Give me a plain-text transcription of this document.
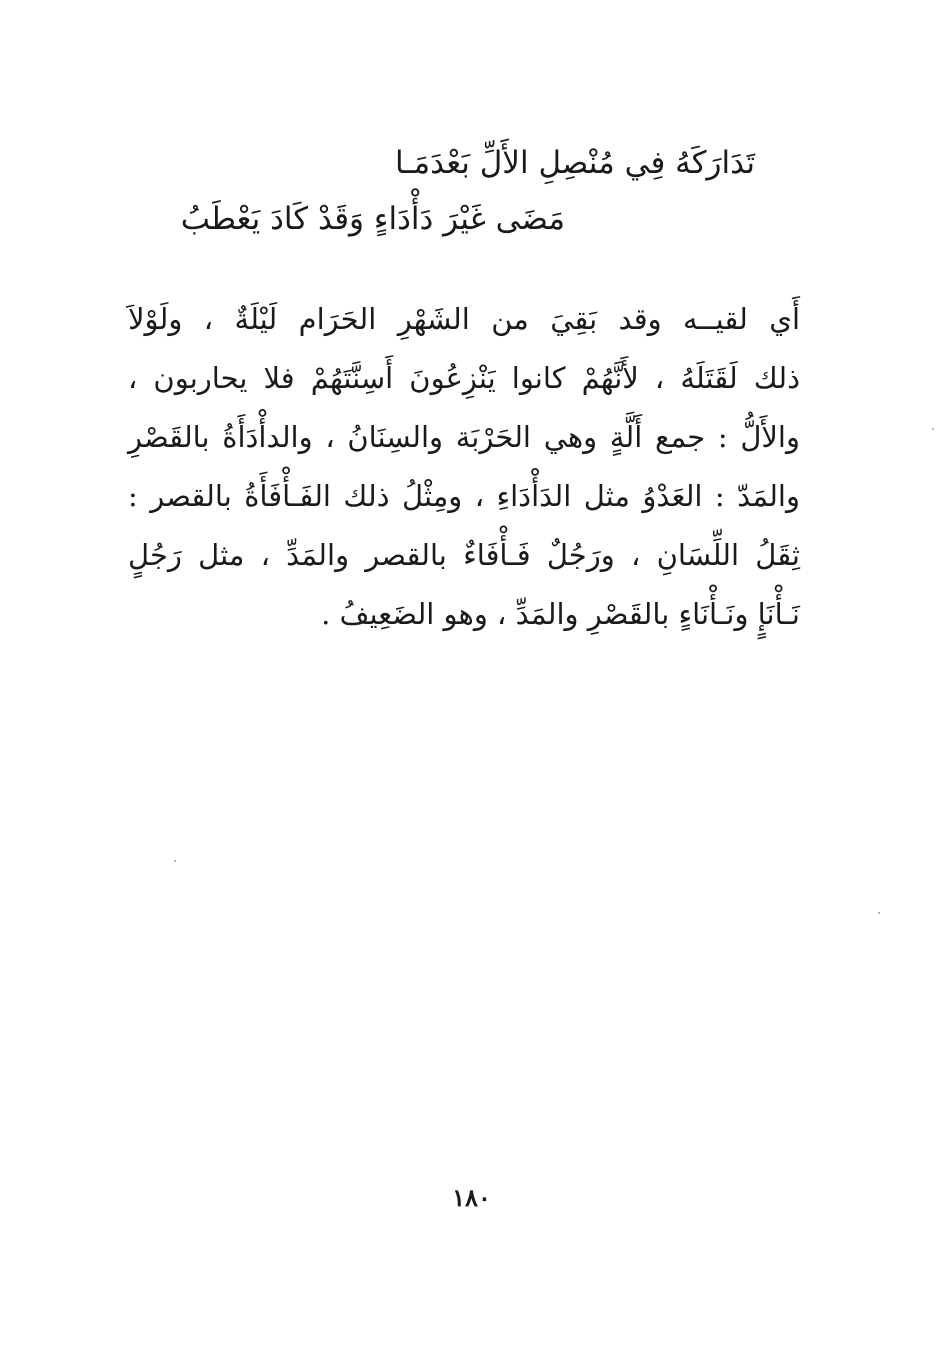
تَدَارَكَهُ فِي مُنْصِلِ الأَلِّ بَعْدَمَـا
مَضَى غَيْرَ دَأْدَاءٍ وَقَدْ كَادَ يَعْطَبُ
أَي لقيــه وقد بَقِيَ من الشَهْرِ الحَرَام لَيْلَةٌ ، ولَوْلاَ
ذلك لَقَتَلَهُ ، لأَنَّهُمْ كانوا يَنْزِعُونَ أَسِنَّتَهُمْ فلا يحاربون ،
والأَلُّ : جمع أَلَّةٍ وهي الحَرْبَة والسِنَانُ ، والدأْدَأَةُ بالقَصْرِ
والمَدّ : العَدْوُ مثل الدَأْدَاءِ ، ومِثْلُ ذلك الفَـأْفَأَةُ بالقصر :
ثِقَلُ اللِّسَانِ ، ورَجُلٌ فَـأْفَاءٌ بالقصر والمَدِّ ، مثل رَجُلٍ
نَـأْنَإٍ ونَـأْنَاءٍ بالقَصْرِ والمَدِّ ، وهو الضَعِيفُ .
١٨٠
